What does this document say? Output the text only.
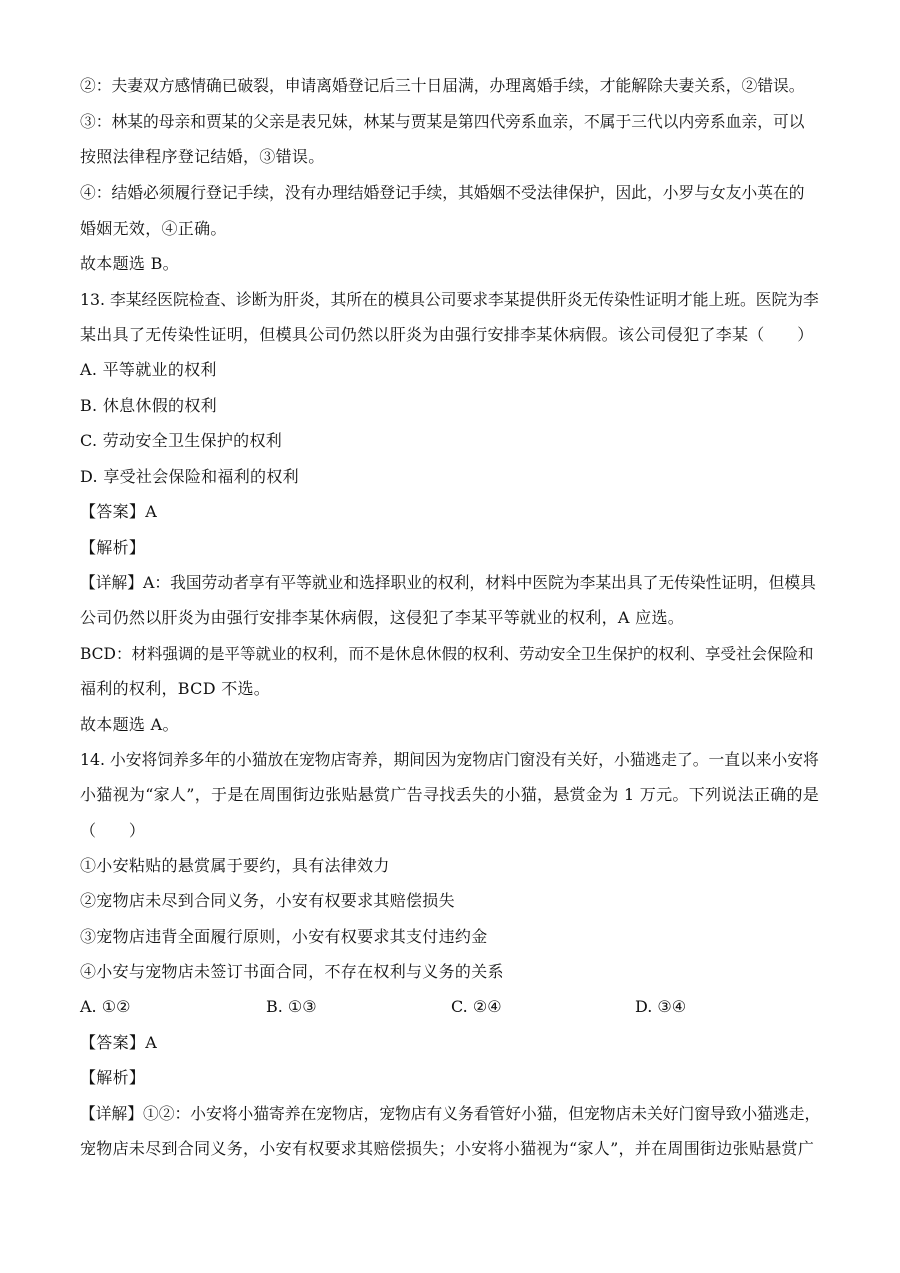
②：夫妻双方感情确已破裂，申请离婚登记后三十日届满，办理离婚手续，才能解除夫妻关系，②错误。

③：林某的母亲和贾某的父亲是表兄妹，林某与贾某是第四代旁系血亲，不属于三代以内旁系血亲，可以

按照法律程序登记结婚，③错误。

④：结婚必须履行登记手续，没有办理结婚登记手续，其婚姻不受法律保护，因此，小罗与女友小英在的

婚姻无效，④正确。

故本题选 B。

13. 李某经医院检查、诊断为肝炎，其所在的模具公司要求李某提供肝炎无传染性证明才能上班。医院为李

某出具了无传染性证明，但模具公司仍然以肝炎为由强行安排李某休病假。该公司侵犯了李某（　　）

A. 平等就业的权利

B. 休息休假的权利

C. 劳动安全卫生保护的权利

D. 享受社会保险和福利的权利

【答案】A

【解析】

【详解】A：我国劳动者享有平等就业和选择职业的权利，材料中医院为李某出具了无传染性证明，但模具

公司仍然以肝炎为由强行安排李某休病假，这侵犯了李某平等就业的权利，A 应选。

BCD：材料强调的是平等就业的权利，而不是休息休假的权利、劳动安全卫生保护的权利、享受社会保险和

福利的权利，BCD 不选。

故本题选 A。

14. 小安将饲养多年的小猫放在宠物店寄养，期间因为宠物店门窗没有关好，小猫逃走了。一直以来小安将

小猫视为“家人”，于是在周围街边张贴悬赏广告寻找丢失的小猫，悬赏金为 1 万元。下列说法正确的是

（　　）

①小安粘贴的悬赏属于要约，具有法律效力

②宠物店未尽到合同义务，小安有权要求其赔偿损失

③宠物店违背全面履行原则，小安有权要求其支付违约金

④小安与宠物店未签订书面合同，不存在权利与义务的关系

A. ①②	B. ①③	C. ②④	D. ③④

【答案】A

【解析】

【详解】①②：小安将小猫寄养在宠物店，宠物店有义务看管好小猫，但宠物店未关好门窗导致小猫逃走，

宠物店未尽到合同义务，小安有权要求其赔偿损失；小安将小猫视为“家人”，并在周围街边张贴悬赏广
